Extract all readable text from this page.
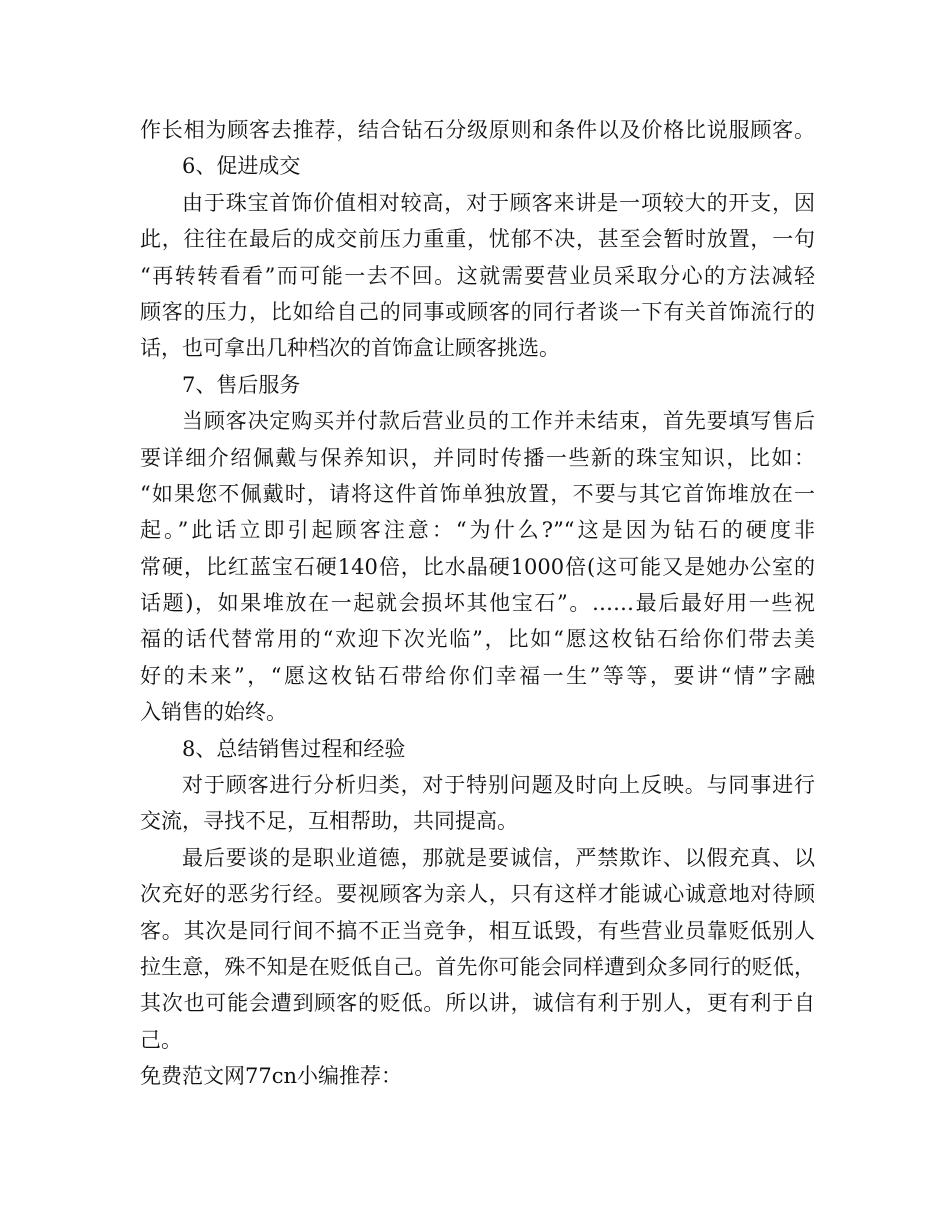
作长相为顾客去推荐，结合钻石分级原则和条件以及价格比说服顾客。
6、促进成交
由于珠宝首饰价值相对较高，对于顾客来讲是一项较大的开支，因
此，往往在最后的成交前压力重重，忧郁不决，甚至会暂时放置，一句
“再转转看看”而可能一去不回。这就需要营业员采取分心的方法减轻
顾客的压力，比如给自己的同事或顾客的同行者谈一下有关首饰流行的
话，也可拿出几种档次的首饰盒让顾客挑选。
7、售后服务
当顾客决定购买并付款后营业员的工作并未结束，首先要填写售后
要详细介绍佩戴与保养知识，并同时传播一些新的珠宝知识，比如：
“如果您不佩戴时，请将这件首饰单独放置，不要与其它首饰堆放在一
起。”此话立即引起顾客注意：“为什么?”“这是因为钻石的硬度非
常硬，比红蓝宝石硬140倍，比水晶硬1000倍(这可能又是她办公室的
话题)，如果堆放在一起就会损坏其他宝石”。……最后最好用一些祝
福的话代替常用的“欢迎下次光临”，比如“愿这枚钻石给你们带去美
好的未来”，“愿这枚钻石带给你们幸福一生”等等，要讲“情”字融
入销售的始终。
8、总结销售过程和经验
对于顾客进行分析归类，对于特别问题及时向上反映。与同事进行
交流，寻找不足，互相帮助，共同提高。
最后要谈的是职业道德，那就是要诚信，严禁欺诈、以假充真、以
次充好的恶劣行经。要视顾客为亲人，只有这样才能诚心诚意地对待顾
客。其次是同行间不搞不正当竞争，相互诋毁，有些营业员靠贬低别人
拉生意，殊不知是在贬低自己。首先你可能会同样遭到众多同行的贬低，
其次也可能会遭到顾客的贬低。所以讲，诚信有利于别人，更有利于自
己。
免费范文网77cn小编推荐：
